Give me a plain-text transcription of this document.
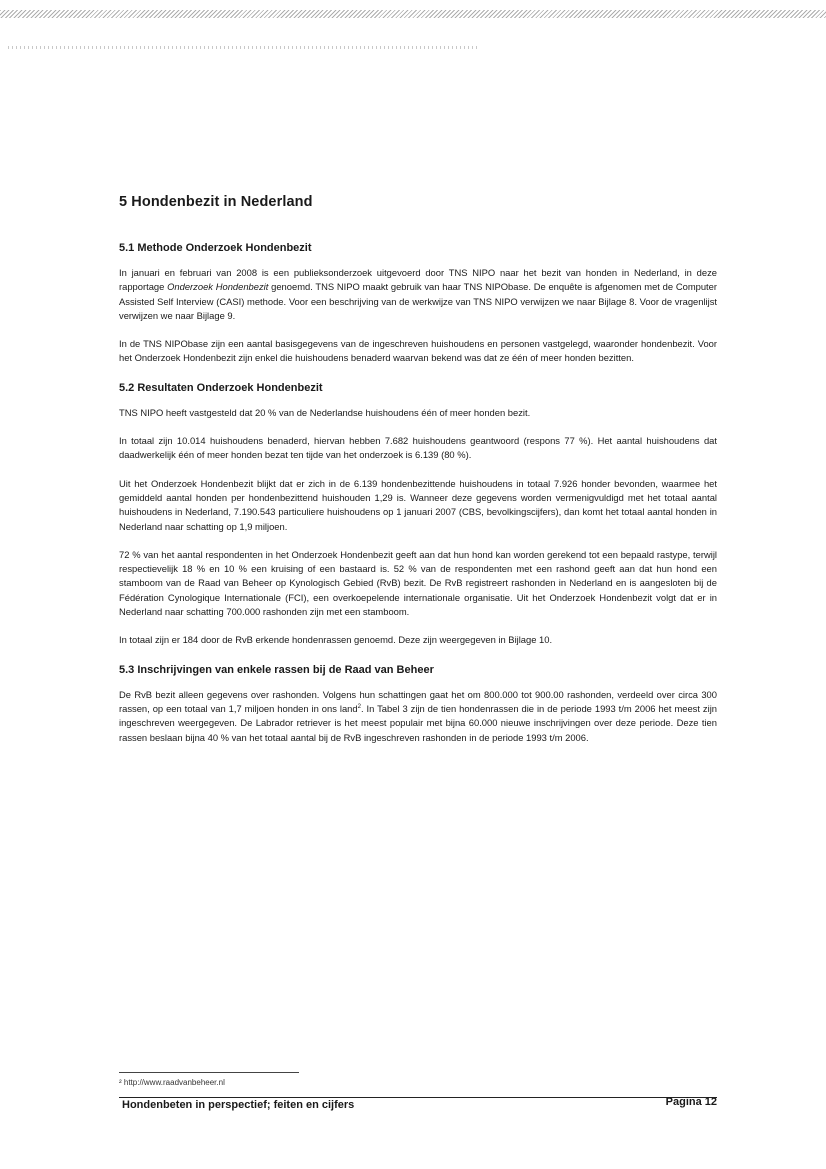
5 Hondenbezit in Nederland
5.1 Methode Onderzoek Hondenbezit

In januari en februari van 2008 is een publieksonderzoek uitgevoerd door TNS NIPO naar het bezit van honden in Nederland, in deze rapportage Onderzoek Hondenbezit genoemd. TNS NIPO maakt gebruik van haar TNS NIPObase. De enquête is afgenomen met de Computer Assisted Self Interview (CASI) methode. Voor een beschrijving van de werkwijze van TNS NIPO verwijzen we naar Bijlage 8. Voor de vragenlijst verwijzen we naar Bijlage 9.

In de TNS NIPObase zijn een aantal basisgegevens van de ingeschreven huishoudens en personen vastgelegd, waaronder hondenbezit. Voor het Onderzoek Hondenbezit zijn enkel die huishoudens benaderd waarvan bekend was dat ze één of meer honden bezitten.

5.2 Resultaten Onderzoek Hondenbezit

TNS NIPO heeft vastgesteld dat 20 % van de Nederlandse huishoudens één of meer honden bezit.

In totaal zijn 10.014 huishoudens benaderd, hiervan hebben 7.682 huishoudens geantwoord (respons 77 %). Het aantal huishoudens dat daadwerkelijk één of meer honden bezat ten tijde van het onderzoek is 6.139 (80 %).

Uit het Onderzoek Hondenbezit blijkt dat er zich in de 6.139 hondenbezittende huishoudens in totaal 7.926 honder bevonden, waarmee het gemiddeld aantal honden per hondenbezittend huishouden 1,29 is. Wanneer deze gegevens worden vermenigvuldigd met het totaal aantal huishoudens in Nederland, 7.190.543 particuliere huishoudens op 1 januari 2007 (CBS, bevolkingscijfers), dan komt het totaal aantal honden in Nederland naar schatting op 1,9 miljoen.

72 % van het aantal respondenten in het Onderzoek Hondenbezit geeft aan dat hun hond kan worden gerekend tot een bepaald rastype, terwijl respectievelijk 18 % en 10 % een kruising of een bastaard is. 52 % van de respondenten met een rashond geeft aan dat hun hond een stamboom van de Raad van Beheer op Kynologisch Gebied (RvB) bezit. De RvB registreert rashonden in Nederland en is aangesloten bij de Fédération Cynologique Internationale (FCI), een overkoepelende internationale organisatie. Uit het Onderzoek Hondenbezit volgt dat er in Nederland naar schatting 700.000 rashonden zijn met een stamboom.

In totaal zijn er 184 door de RvB erkende hondenrassen genoemd. Deze zijn weergegeven in Bijlage 10.

5.3 Inschrijvingen van enkele rassen bij de Raad van Beheer

De RvB bezit alleen gegevens over rashonden. Volgens hun schattingen gaat het om 800.000 tot 900.00 rashonden, verdeeld over circa 300 rassen, op een totaal van 1,7 miljoen honden in ons land$^2$. In Tabel 3 zijn de tien hondenrassen die in de periode 1993 t/m 2006 het meest zijn ingeschreven weergegeven. De Labrador retriever is het meest populair met bijna 60.000 nieuwe inschrijvingen over deze periode. Deze tien rassen beslaan bijna 40 % van het totaal aantal bij de RvB ingeschreven rashonden in de periode 1993 t/m 2006.

² http://www.raadvanbeheer.nl
Hondenbeten in perspectief; feiten en cijfers	Pagina 12
